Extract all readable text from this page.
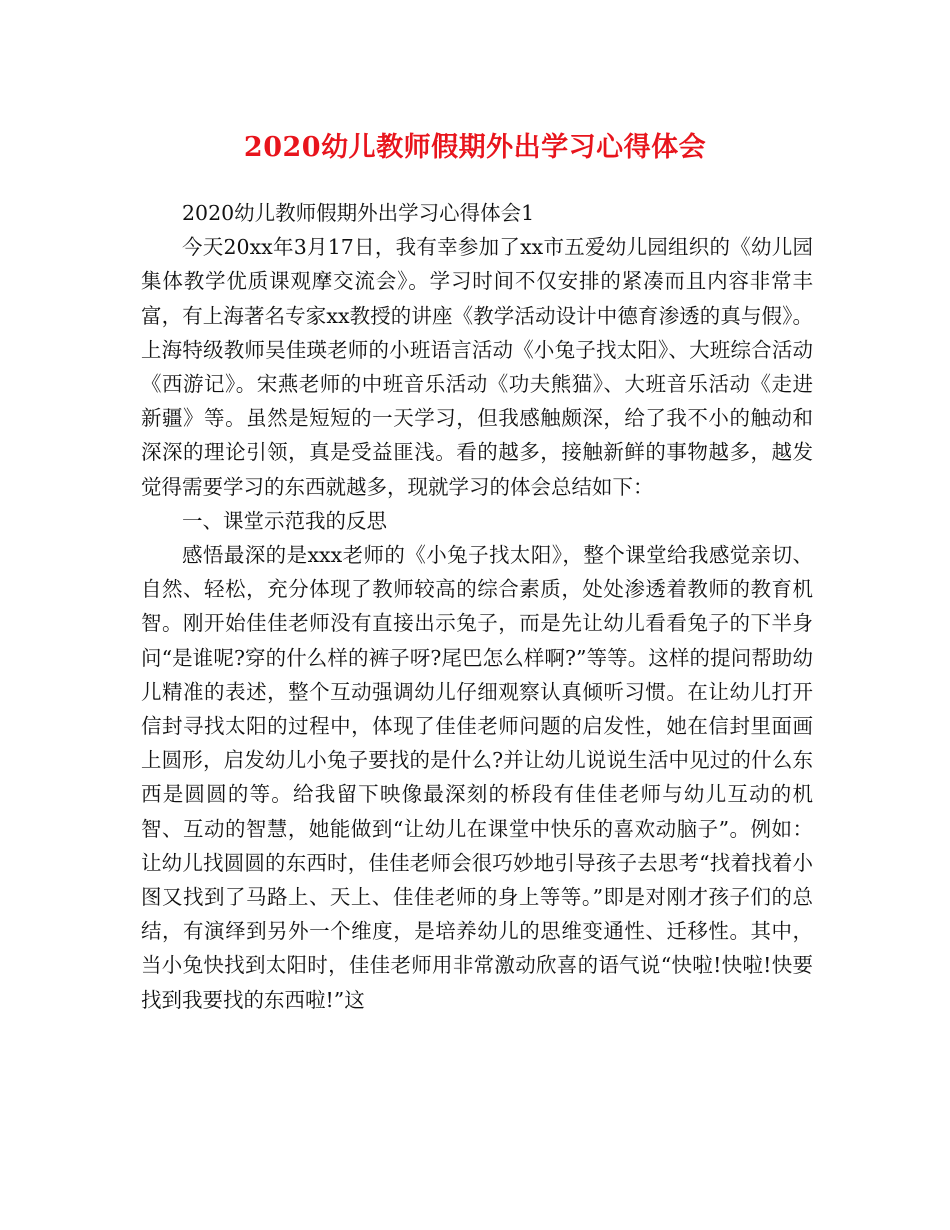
2020幼儿教师假期外出学习心得体会

2020幼儿教师假期外出学习心得体会1

今天20xx年3月17日，我有幸参加了xx市五爱幼儿园组织的《幼儿园集体教学优质课观摩交流会》。学习时间不仅安排的紧凑而且内容非常丰富，有上海著名专家xx教授的讲座《教学活动设计中德育渗透的真与假》。上海特级教师吴佳瑛老师的小班语言活动《小兔子找太阳》、大班综合活动《西游记》。宋燕老师的中班音乐活动《功夫熊猫》、大班音乐活动《走进新疆》等。虽然是短短的一天学习，但我感触颇深，给了我不小的触动和深深的理论引领，真是受益匪浅。看的越多，接触新鲜的事物越多，越发觉得需要学习的东西就越多，现就学习的体会总结如下：

一、课堂示范我的反思

感悟最深的是xxx老师的《小兔子找太阳》，整个课堂给我感觉亲切、自然、轻松，充分体现了教师较高的综合素质，处处渗透着教师的教育机智。刚开始佳佳老师没有直接出示兔子，而是先让幼儿看看兔子的下半身问“是谁呢?穿的什么样的裤子呀?尾巴怎么样啊?”等等。这样的提问帮助幼儿精准的表述，整个互动强调幼儿仔细观察认真倾听习惯。在让幼儿打开信封寻找太阳的过程中，体现了佳佳老师问题的启发性，她在信封里面画上圆形，启发幼儿小兔子要找的是什么?并让幼儿说说生活中见过的什么东西是圆圆的等。给我留下映像最深刻的桥段有佳佳老师与幼儿互动的机智、互动的智慧，她能做到“让幼儿在课堂中快乐的喜欢动脑子”。例如：让幼儿找圆圆的东西时，佳佳老师会很巧妙地引导孩子去思考“找着找着小图又找到了马路上、天上、佳佳老师的身上等等。”即是对刚才孩子们的总结，有演绎到另外一个维度，是培养幼儿的思维变通性、迁移性。其中，当小兔快找到太阳时，佳佳老师用非常激动欣喜的语气说“快啦!快啦!快要找到我要找的东西啦!”这
